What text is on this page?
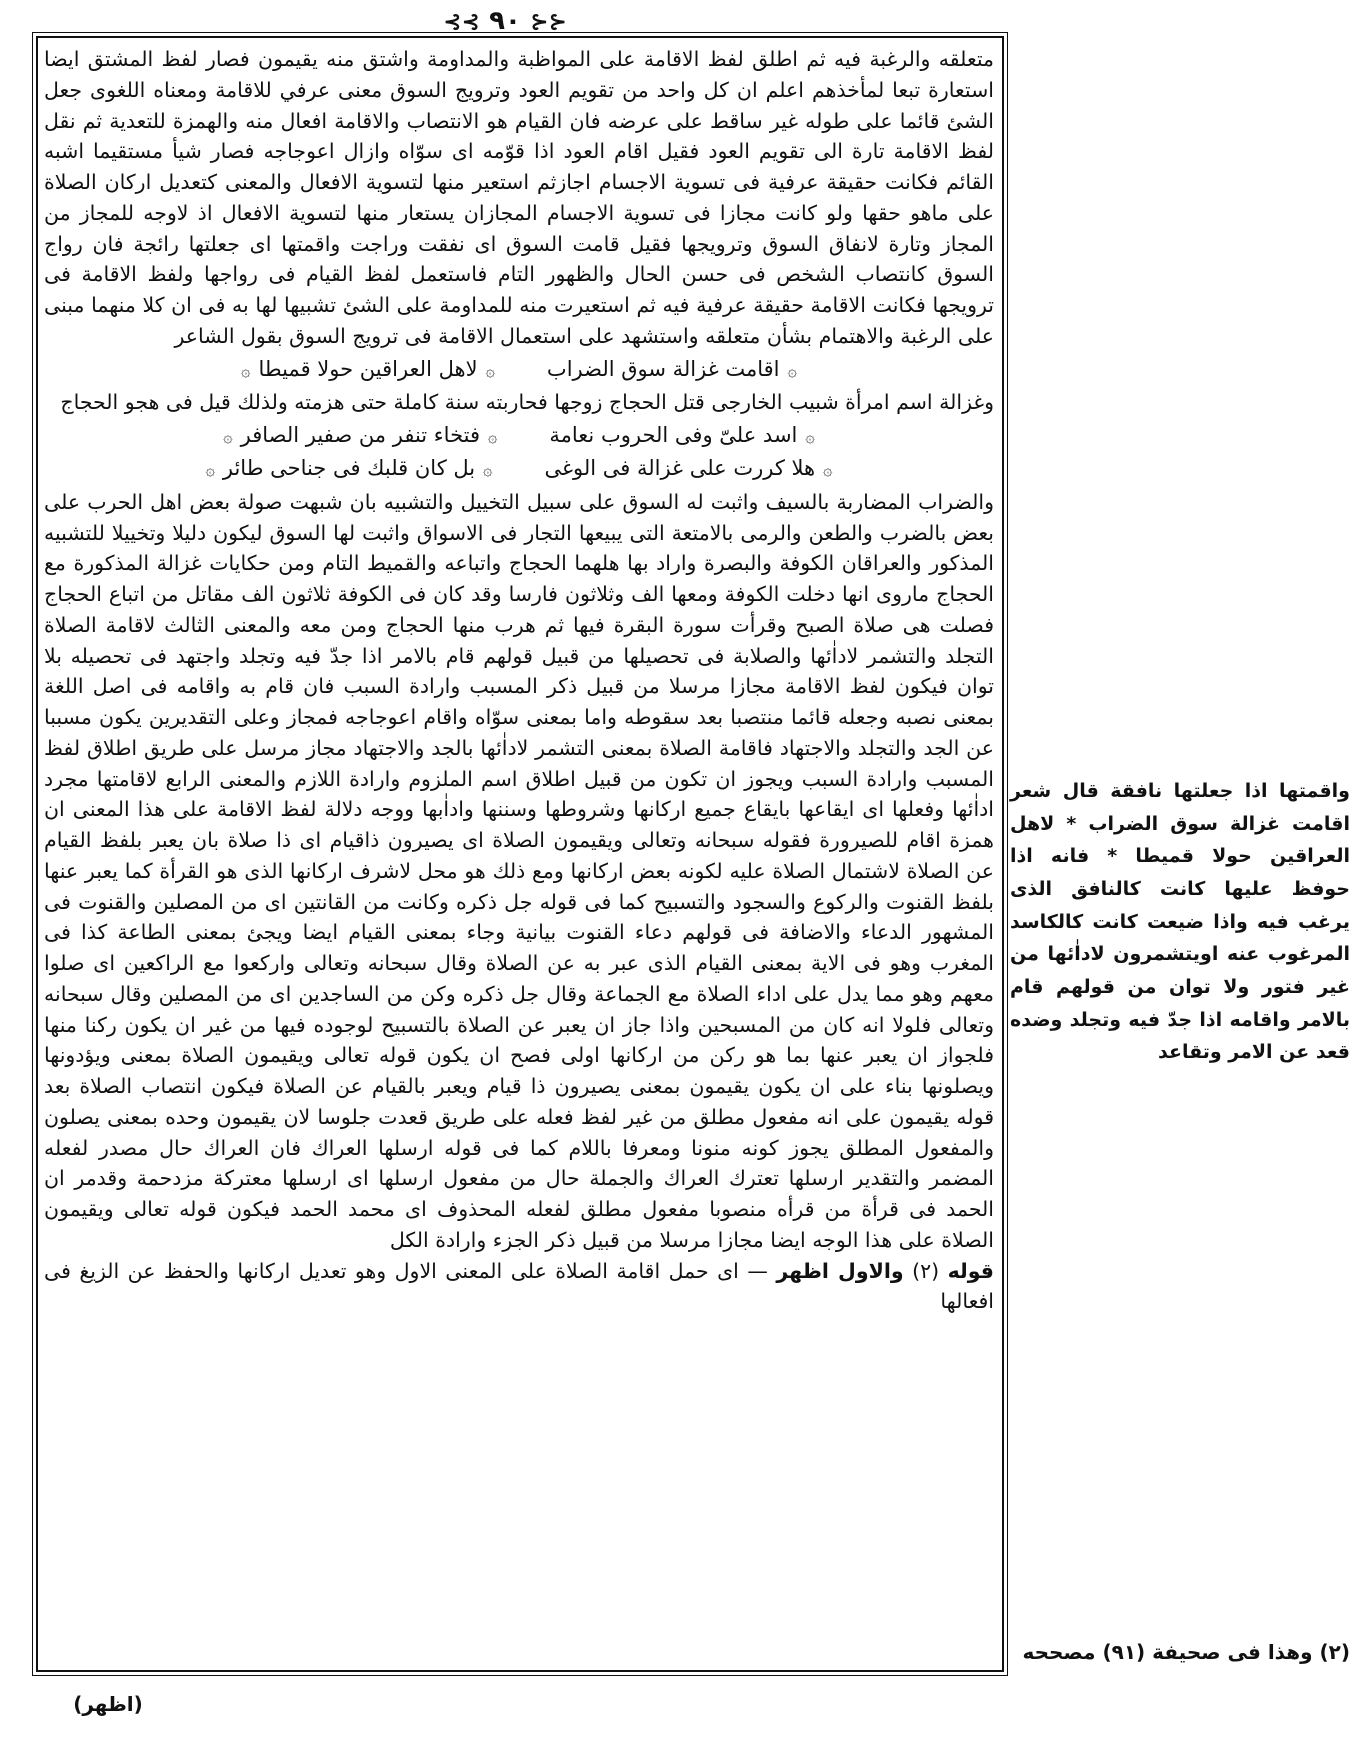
⊰⊰ ٩٠ ⊱⊱

متعلقه والرغبة فيه ثم اطلق لفظ الاقامة على المواظبة والمداومة واشتق منه يقيمون فصار لفظ المشتق ايضا استعارة تبعا لمأخذهم اعلم ان كل واحد من تقويم العود وترويج السوق معنى عرفي للاقامة ومعناه اللغوى جعل الشئ قائما على طوله غير ساقط على عرضه فان القيام هو الانتصاب والاقامة افعال منه والهمزة للتعدية ثم نقل لفظ الاقامة تارة الى تقويم العود فقيل اقام العود اذا قوّمه اى سوّاه وازال اعوجاجه فصار شيأ مستقيما اشبه القائم فكانت حقيقة عرفية فى تسوية الاجسام اجازثم استعير منها لتسوية الافعال والمعنى كتعديل اركان الصلاة على ماهو حقها ولو كانت مجازا فى تسوية الاجسام المجازان يستعار منها لتسوية الافعال اذ لاوجه للمجاز من المجاز وتارة لانفاق السوق وترويجها فقيل قامت السوق اى نفقت وراجت واقمتها اى جعلتها رائجة فان رواج السوق كانتصاب الشخص فى حسن الحال والظهور التام فاستعمل لفظ القيام فى رواجها ولفظ الاقامة فى ترويجها فكانت الاقامة حقيقة عرفية فيه ثم استعيرت منه للمداومة على الشئ تشبيها لها به فى ان كلا منهما مبنى على الرغبة والاهتمام بشأن متعلقه واستشهد على استعمال الاقامة فى ترويج السوق بقول الشاعر

۞اقامت غزالة سوق الضراب
۞لاهل العراقين حولا قميطا۞

وغزالة اسم امرأة شبيب الخارجى قتل الحجاج زوجها فحاربته سنة كاملة حتى هزمته ولذلك قيل فى هجو الحجاج

۞اسد علىّ وفى الحروب نعامة
۞فتخاء تنفر من صفير الصافر۞
۞هلا كررت على غزالة فى الوغى
۞بل كان قلبك فى جناحى طائر۞

والضراب المضاربة بالسيف واثبت له السوق على سبيل التخييل والتشبيه بان شبهت صولة بعض اهل الحرب على بعض بالضرب والطعن والرمى بالامتعة التى يبيعها التجار فى الاسواق واثبت لها السوق ليكون دليلا وتخييلا للتشبيه المذكور والعراقان الكوفة والبصرة واراد بها هلهما الحجاج واتباعه والقميط التام ومن حكايات غزالة المذكورة مع الحجاج ماروى انها دخلت الكوفة ومعها الف وثلاثون فارسا وقد كان فى الكوفة ثلاثون الف مقاتل من اتباع الحجاج فصلت هى صلاة الصبح وقرأت سورة البقرة فيها ثم هرب منها الحجاج ومن معه والمعنى الثالث لاقامة الصلاة التجلد والتشمر لاداٰئها والصلابة فى تحصيلها من قبيل قولهم قام بالامر اذا جدّ فيه وتجلد واجتهد فى تحصيله بلا توان فيكون لفظ الاقامة مجازا مرسلا من قبيل ذكر المسبب وارادة السبب فان قام به واقامه فى اصل اللغة بمعنى نصبه وجعله قائما منتصبا بعد سقوطه واما بمعنى سوّاه واقام اعوجاجه فمجاز وعلى التقديرين يكون مسببا عن الجد والتجلد والاجتهاد فاقامة الصلاة بمعنى التشمر لاداٰئها بالجد والاجتهاد مجاز مرسل على طريق اطلاق لفظ المسبب وارادة السبب ويجوز ان تكون من قبيل اطلاق اسم الملزوم وارادة اللازم والمعنى الرابع لاقامتها مجرد اداٰئها وفعلها اى ايقاعها بايقاع جميع اركانها وشروطها وسننها واداٰبها ووجه دلالة لفظ الاقامة على هذا المعنى ان همزة اقام للصيرورة فقوله سبحانه وتعالى ويقيمون الصلاة اى يصيرون ذاقيام اى ذا صلاة بان يعبر بلفظ القيام عن الصلاة لاشتمال الصلاة عليه لكونه بعض اركانها ومع ذلك هو محل لاشرف اركانها الذى هو القرأة كما يعبر عنها بلفظ القنوت والركوع والسجود والتسبيح كما فى قوله جل ذكره وكانت من القانتين اى من المصلين والقنوت فى المشهور الدعاء والاضافة فى قولهم دعاء القنوت بيانية وجاء بمعنى القيام ايضا ويجئ بمعنى الطاعة كذا فى المغرب وهو فى الاية بمعنى القيام الذى عبر به عن الصلاة وقال سبحانه وتعالى واركعوا مع الراكعين اى صلوا معهم وهو مما يدل على اداء الصلاة مع الجماعة وقال جل ذكره وكن من الساجدين اى من المصلين وقال سبحانه وتعالى فلولا انه كان من المسبحين واذا جاز ان يعبر عن الصلاة بالتسبيح لوجوده فيها من غير ان يكون ركنا منها فلجواز ان يعبر عنها بما هو ركن من اركانها اولى فصح ان يكون قوله تعالى ويقيمون الصلاة بمعنى ويؤدونها ويصلونها بناء على ان يكون يقيمون بمعنى يصيرون ذا قيام ويعبر بالقيام عن الصلاة فيكون انتصاب الصلاة بعد قوله يقيمون على انه مفعول مطلق من غير لفظ فعله على طريق قعدت جلوسا لان يقيمون وحده بمعنى يصلون والمفعول المطلق يجوز كونه منونا ومعرفا باللام كما فى قوله ارسلها العراك فان العراك حال مصدر لفعله المضمر والتقدير ارسلها تعترك العراك والجملة حال من مفعول ارسلها اى ارسلها معتركة مزدحمة وقدمر ان الحمد فى قرأة من قرأه منصوبا مفعول مطلق لفعله المحذوف اى محمد الحمد فيكون قوله تعالى ويقيمون الصلاة على هذا الوجه ايضا مجازا مرسلا من قبيل ذكر الجزء وارادة الكل

قوله (٢) والاول اظهر — اى حمل اقامة الصلاة على المعنى الاول وهو تعديل اركانها والحفظ عن الزيغ فى افعالها

واقمتها اذا جعلتها نافقة قال شعر اقامت غزالة سوق الضراب * لاهل العراقين حولا قميطا * فانه اذا حوفظ عليها كانت كالنافق الذى يرغب فيه واذا ضيعت كانت كالكاسد المرغوب عنه اويتشمرون لاداٰئها من غير فتور ولا توان من قولهم قام بالامر واقامه اذا جدّ فيه وتجلد وضده قعد عن الامر وتقاعد
(٢) وهذا فى صحيفة (٩١) مصححه
(اظهر)
